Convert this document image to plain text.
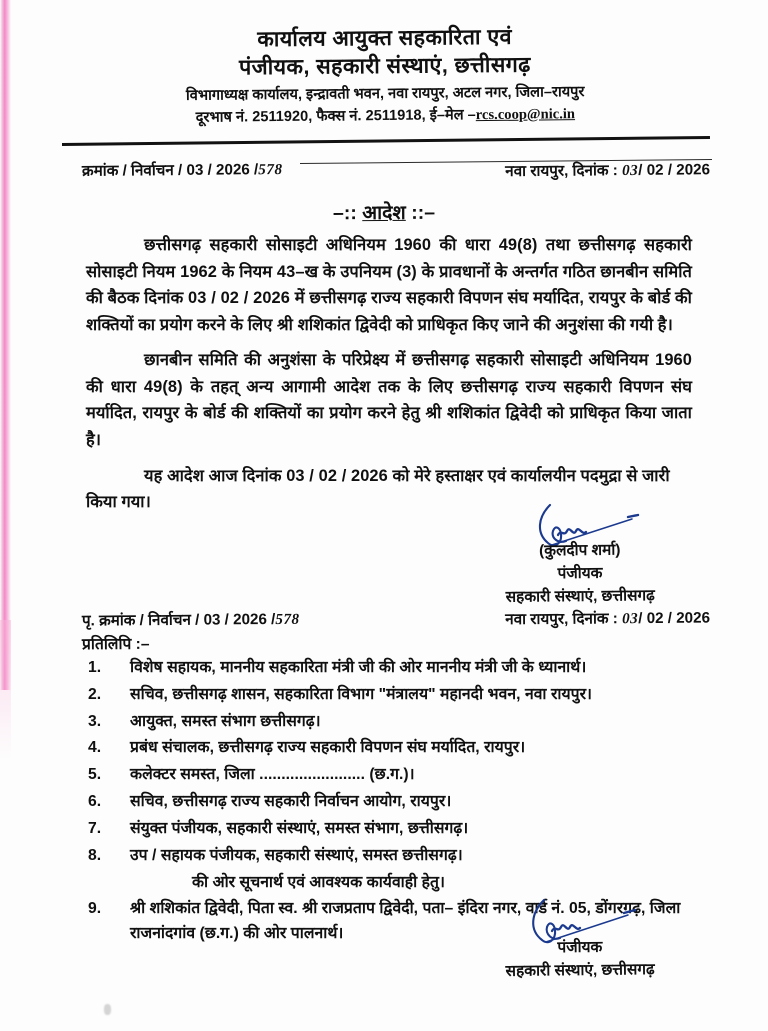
कार्यालय आयुक्त सहकारिता एवं
पंजीयक, सहकारी संस्थाएं, छत्तीसगढ़
विभागाध्यक्ष कार्यालय, इन्द्रावती भवन, नवा रायपुर, अटल नगर, जिला–रायपुर
दूरभाष नं. 2511920, फैक्स नं. 2511918, ई–मेल –rcs.coop@nic.in
क्रमांक / निर्वाचन / 03 / 2026 /578	नवा रायपुर, दिनांक : 03/ 02 / 2026
–:: आदेश ::–

छत्तीसगढ़ सहकारी सोसाइटी अधिनियम 1960 की धारा 49(8) तथा छत्तीसगढ़ सहकारी सोसाइटी नियम 1962 के नियम 43–ख के उपनियम (3) के प्रावधानों के अन्तर्गत गठित छानबीन समिति की बैठक दिनांक 03 / 02 / 2026 में छत्तीसगढ़ राज्य सहकारी विपणन संघ मर्यादित, रायपुर के बोर्ड की शक्तियों का प्रयोग करने के लिए श्री शशिकांत द्विवेदी को प्राधिकृत किए जाने की अनुशंसा की गयी है।

छानबीन समिति की अनुशंसा के परिप्रेक्ष्य में छत्तीसगढ़ सहकारी सोसाइटी अधिनियम 1960 की धारा 49(8) के तहत् अन्य आगामी आदेश तक के लिए छत्तीसगढ़ राज्य सहकारी विपणन संघ मर्यादित, रायपुर के बोर्ड की शक्तियों का प्रयोग करने हेतु श्री शशिकांत द्विवेदी को प्राधिकृत किया जाता है।

यह आदेश आज दिनांक 03 / 02 / 2026 को मेरे हस्ताक्षर एवं कार्यालयीन पदमुद्रा से जारी किया गया।

(कुलदीप शर्मा)
पंजीयक
सहकारी संस्थाएं, छत्तीसगढ़
पृ. क्रमांक / निर्वाचन / 03 / 2026 /578	नवा रायपुर, दिनांक : 03/ 02 / 2026
प्रतिलिपि :–
1.	विशेष सहायक, माननीय सहकारिता मंत्री जी की ओर माननीय मंत्री जी के ध्यानार्थ।
2.	सचिव, छत्तीसगढ़ शासन, सहकारिता विभाग "मंत्रालय" महानदी भवन, नवा रायपुर।
3.	आयुक्त, समस्त संभाग छत्तीसगढ़।
4.	प्रबंध संचालक, छत्तीसगढ़ राज्य सहकारी विपणन संघ मर्यादित, रायपुर।
5.	कलेक्टर समस्त, जिला ........................ (छ.ग.)।
6.	सचिव, छत्तीसगढ़ राज्य सहकारी निर्वाचन आयोग, रायपुर।
7.	संयुक्त पंजीयक, सहकारी संस्थाएं, समस्त संभाग, छत्तीसगढ़।
8.	उप / सहायक पंजीयक, सहकारी संस्थाएं, समस्त छत्तीसगढ़।
की ओर सूचनार्थ एवं आवश्यक कार्यवाही हेतु।
9.	श्री शशिकांत द्विवेदी, पिता स्व. श्री राजप्रताप द्विवेदी, पता– इंदिरा नगर, वार्ड नं. 05, डोंगरगढ़, जिला राजनांदगांव (छ.ग.) की ओर पालनार्थ।
पंजीयक
सहकारी संस्थाएं, छत्तीसगढ़
